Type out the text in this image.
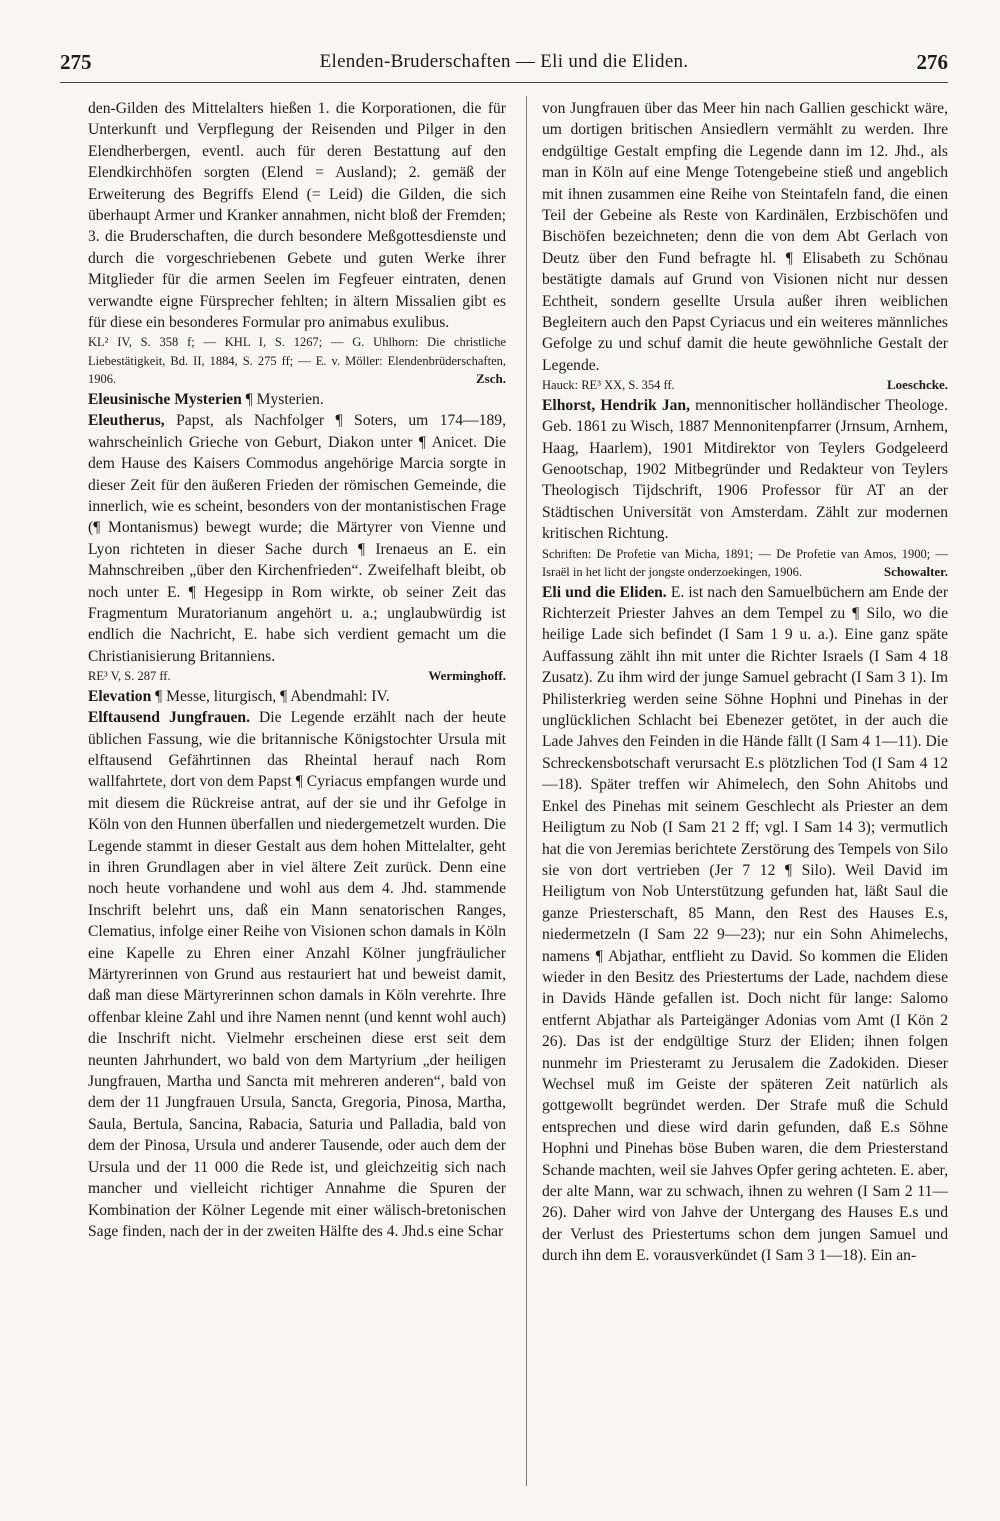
275	Elenden-Bruderschaften — Eli und die Eliden.	276

den-Gilden des Mittelalters hießen 1. die Korporationen, die für Unterkunft und Verpflegung der Reisenden und Pilger in den Elendherbergen, eventl. auch für deren Bestattung auf den Elendkirchhöfen sorgten (Elend = Ausland); 2. gemäß der Erweiterung des Begriffs Elend (= Leid) die Gilden, die sich überhaupt Armer und Kranker annahmen, nicht bloß der Fremden; 3. die Bruderschaften, die durch besondere Meßgottesdienste und durch die vorgeschriebenen Gebete und guten Werke ihrer Mitglieder für die armen Seelen im Fegfeuer eintraten, denen verwandte eigne Fürsprecher fehlten; in ältern Missalien gibt es für diese ein besonderes Formular pro animabus exulibus.

KL² IV, S. 358 f; — KHL I, S. 1267; — G. Uhlhorn: Die christliche Liebestätigkeit, Bd. II, 1884, S. 275 ff; — E. v. Möller: Elendenbrüderschaften, 1906.	Zsch.

Eleusinische Mysterien ¶ Mysterien.

Eleutherus, Papst, als Nachfolger ¶ Soters, um 174—189, wahrscheinlich Grieche von Geburt, Diakon unter ¶ Anicet. Die dem Hause des Kaisers Commodus angehörige Marcia sorgte in dieser Zeit für den äußeren Frieden der römischen Gemeinde, die innerlich, wie es scheint, besonders von der montanistischen Frage (¶ Montanismus) bewegt wurde; die Märtyrer von Vienne und Lyon richteten in dieser Sache durch ¶ Irenaeus an E. ein Mahnschreiben „über den Kirchenfrieden“. Zweifelhaft bleibt, ob noch unter E. ¶ Hegesipp in Rom wirkte, ob seiner Zeit das Fragmentum Muratorianum angehört u. a.; unglaubwürdig ist endlich die Nachricht, E. habe sich verdient gemacht um die Christianisierung Britanniens.

RE³ V, S. 287 ff.	Werminghoff.

Elevation ¶ Messe, liturgisch, ¶ Abendmahl: IV.

Elftausend Jungfrauen. Die Legende erzählt nach der heute üblichen Fassung, wie die britannische Königstochter Ursula mit elftausend Gefährtinnen das Rheintal herauf nach Rom wallfahrtete, dort von dem Papst ¶ Cyriacus empfangen wurde und mit diesem die Rückreise antrat, auf der sie und ihr Gefolge in Köln von den Hunnen überfallen und niedergemetzelt wurden. Die Legende stammt in dieser Gestalt aus dem hohen Mittelalter, geht in ihren Grundlagen aber in viel ältere Zeit zurück. Denn eine noch heute vorhandene und wohl aus dem 4. Jhd. stammende Inschrift belehrt uns, daß ein Mann senatorischen Ranges, Clematius, infolge einer Reihe von Visionen schon damals in Köln eine Kapelle zu Ehren einer Anzahl Kölner jungfräulicher Märtyrerinnen von Grund aus restauriert hat und beweist damit, daß man diese Märtyrerinnen schon damals in Köln verehrte. Ihre offenbar kleine Zahl und ihre Namen nennt (und kennt wohl auch) die Inschrift nicht. Vielmehr erscheinen diese erst seit dem neunten Jahrhundert, wo bald von dem Martyrium „der heiligen Jungfrauen, Martha und Sancta mit mehreren anderen“, bald von dem der 11 Jungfrauen Ursula, Sancta, Gregoria, Pinosa, Martha, Saula, Bertula, Sancina, Rabacia, Saturia und Palladia, bald von dem der Pinosa, Ursula und anderer Tausende, oder auch dem der Ursula und der 11 000 die Rede ist, und gleichzeitig sich nach mancher und vielleicht richtiger Annahme die Spuren der Kombination der Kölner Legende mit einer wälisch-bretonischen Sage finden, nach der in der zweiten Hälfte des 4. Jhd.s eine Schar

von Jungfrauen über das Meer hin nach Gallien geschickt wäre, um dortigen britischen Ansiedlern vermählt zu werden. Ihre endgültige Gestalt empfing die Legende dann im 12. Jhd., als man in Köln auf eine Menge Totengebeine stieß und angeblich mit ihnen zusammen eine Reihe von Steintafeln fand, die einen Teil der Gebeine als Reste von Kardinälen, Erzbischöfen und Bischöfen bezeichneten; denn die von dem Abt Gerlach von Deutz über den Fund befragte hl. ¶ Elisabeth zu Schönau bestätigte damals auf Grund von Visionen nicht nur dessen Echtheit, sondern gesellte Ursula außer ihren weiblichen Begleitern auch den Papst Cyriacus und ein weiteres männliches Gefolge zu und schuf damit die heute gewöhnliche Gestalt der Legende.

Hauck: RE³ XX, S. 354 ff.	Loeschcke.

Elhorst, Hendrik Jan, mennonitischer holländischer Theologe. Geb. 1861 zu Wisch, 1887 Mennonitenpfarrer (Jrnsum, Arnhem, Haag, Haarlem), 1901 Mitdirektor von Teylers Godgeleerd Genootschap, 1902 Mitbegründer und Redakteur von Teylers Theologisch Tijdschrift, 1906 Professor für AT an der Städtischen Universität von Amsterdam. Zählt zur modernen kritischen Richtung.

Schriften: De Profetie van Micha, 1891; — De Profetie van Amos, 1900; — Israël in het licht der jongste onderzoekingen, 1906.	Schowalter.

Eli und die Eliden. E. ist nach den Samuelbüchern am Ende der Richterzeit Priester Jahves an dem Tempel zu ¶ Silo, wo die heilige Lade sich befindet (I Sam 1 9 u. a.). Eine ganz späte Auffassung zählt ihn mit unter die Richter Israels (I Sam 4 18 Zusatz). Zu ihm wird der junge Samuel gebracht (I Sam 3 1). Im Philisterkrieg werden seine Söhne Hophni und Pinehas in der unglücklichen Schlacht bei Ebenezer getötet, in der auch die Lade Jahves den Feinden in die Hände fällt (I Sam 4 1—11). Die Schreckensbotschaft verursacht E.s plötzlichen Tod (I Sam 4 12—18). Später treffen wir Ahimelech, den Sohn Ahitobs und Enkel des Pinehas mit seinem Geschlecht als Priester an dem Heiligtum zu Nob (I Sam 21 2 ff; vgl. I Sam 14 3); vermutlich hat die von Jeremias berichtete Zerstörung des Tempels von Silo sie von dort vertrieben (Jer 7 12 ¶ Silo). Weil David im Heiligtum von Nob Unterstützung gefunden hat, läßt Saul die ganze Priesterschaft, 85 Mann, den Rest des Hauses E.s, niedermetzeln (I Sam 22 9—23); nur ein Sohn Ahimelechs, namens ¶ Abjathar, entflieht zu David. So kommen die Eliden wieder in den Besitz des Priestertums der Lade, nachdem diese in Davids Hände gefallen ist. Doch nicht für lange: Salomo entfernt Abjathar als Parteigänger Adonias vom Amt (I Kön 2 26). Das ist der endgültige Sturz der Eliden; ihnen folgen nunmehr im Priesteramt zu Jerusalem die Zadokiden. Dieser Wechsel muß im Geiste der späteren Zeit natürlich als gottgewollt begründet werden. Der Strafe muß die Schuld entsprechen und diese wird darin gefunden, daß E.s Söhne Hophni und Pinehas böse Buben waren, die dem Priesterstand Schande machten, weil sie Jahves Opfer gering achteten. E. aber, der alte Mann, war zu schwach, ihnen zu wehren (I Sam 2 11—26). Daher wird von Jahve der Untergang des Hauses E.s und der Verlust des Priestertums schon dem jungen Samuel und durch ihn dem E. vorausverkündet (I Sam 3 1—18). Ein an-
